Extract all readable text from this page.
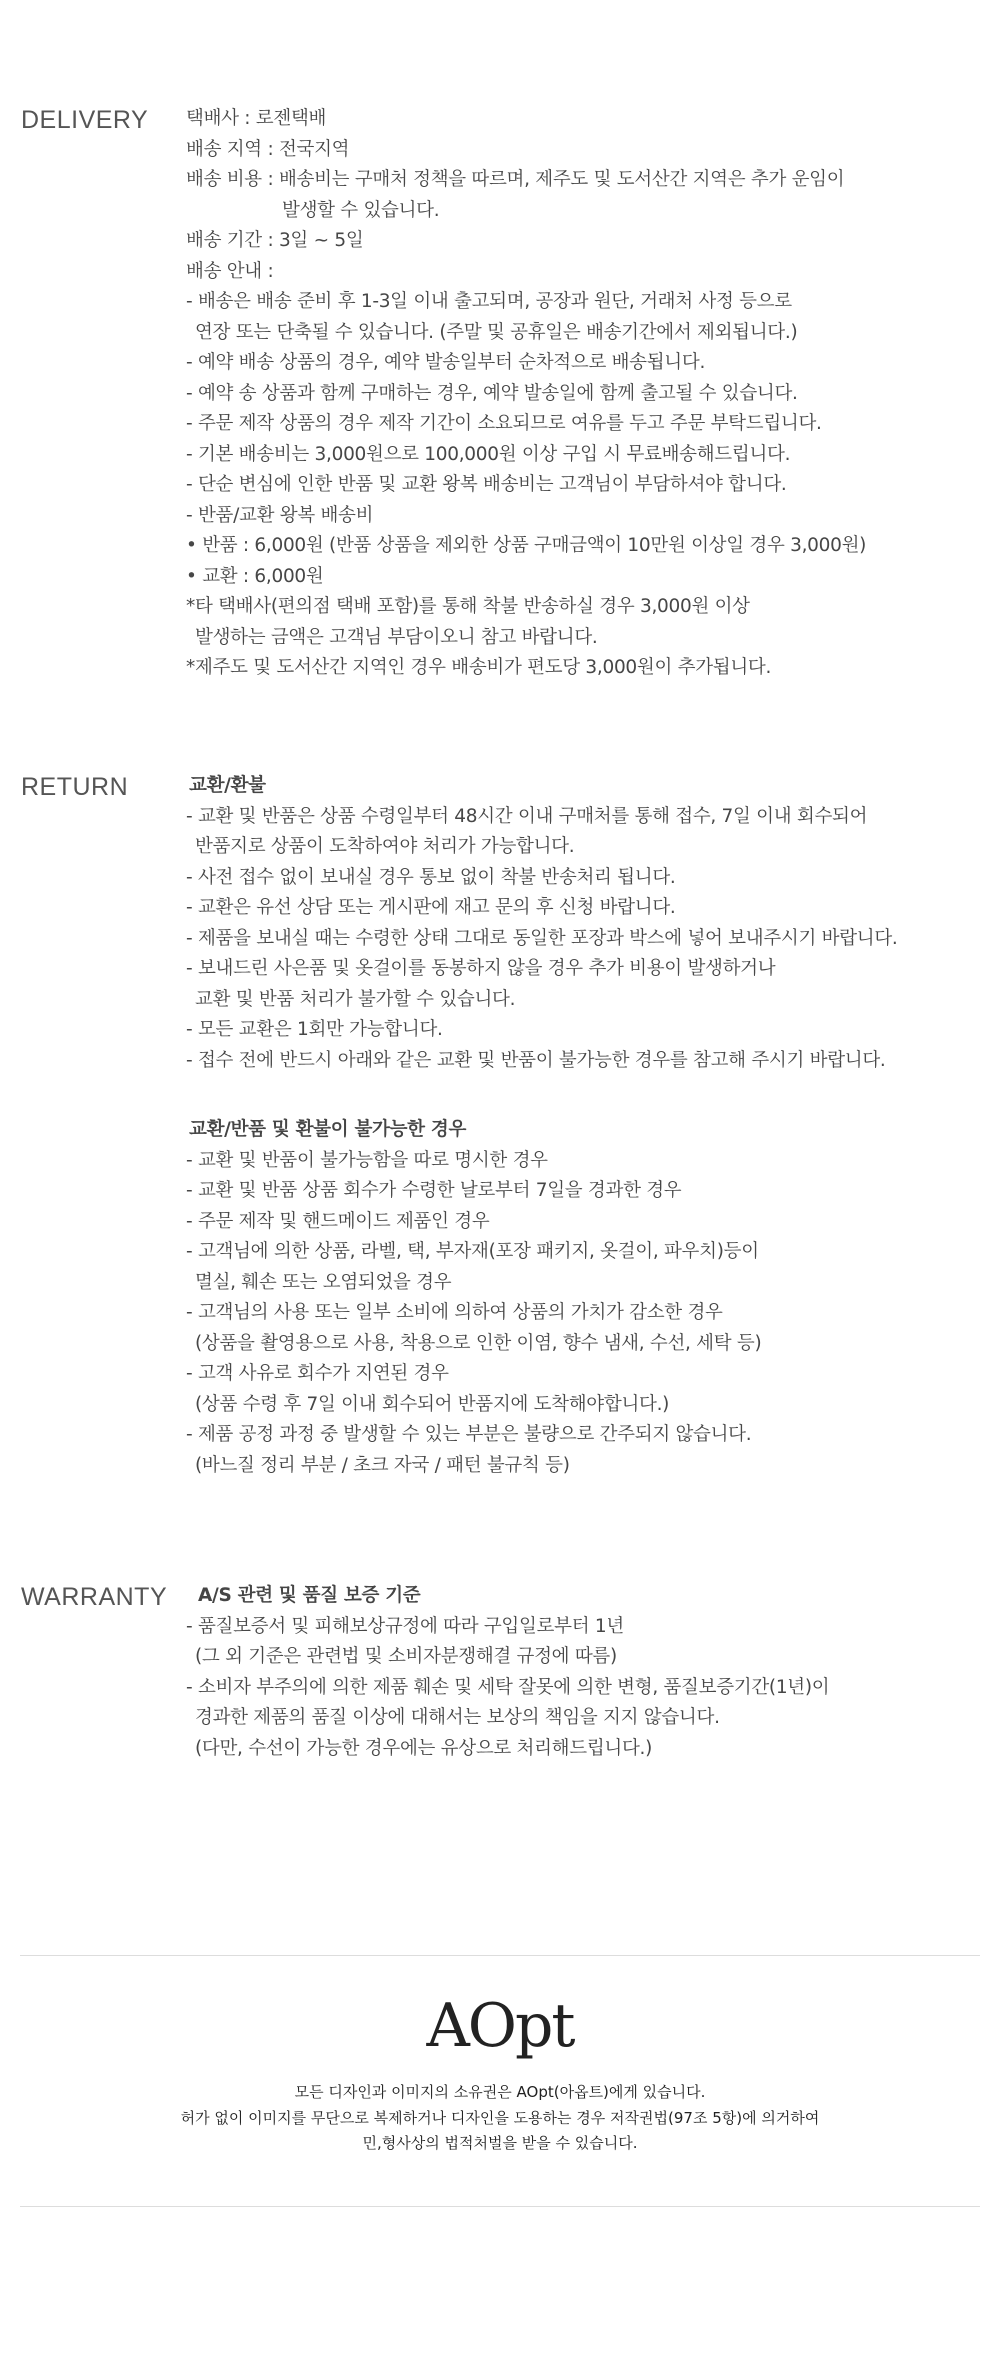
DELIVERY 택배사 : 로젠택배
배송 지역 : 전국지역
배송 비용 : 배송비는 구매처 정책을 따르며, 제주도 및 도서산간 지역은 추가 운임이
발생할 수 있습니다.
배송 기간 : 3일 ~ 5일
배송 안내 :
- 배송은 배송 준비 후 1-3일 이내 출고되며, 공장과 원단, 거래처 사정 등으로
연장 또는 단축될 수 있습니다. (주말 및 공휴일은 배송기간에서 제외됩니다.)
- 예약 배송 상품의 경우, 예약 발송일부터 순차적으로 배송됩니다.
- 예약 송 상품과 함께 구매하는 경우, 예약 발송일에 함께 출고될 수 있습니다.
- 주문 제작 상품의 경우 제작 기간이 소요되므로 여유를 두고 주문 부탁드립니다.
- 기본 배송비는 3,000원으로 100,000원 이상 구입 시 무료배송해드립니다.
- 단순 변심에 인한 반품 및 교환 왕복 배송비는 고객님이 부담하셔야 합니다.
- 반품/교환 왕복 배송비
• 반품 : 6,000원 (반품 상품을 제외한 상품 구매금액이 10만원 이상일 경우 3,000원)
• 교환 : 6,000원
*타 택배사(편의점 택배 포함)를 통해 착불 반송하실 경우 3,000원 이상
발생하는 금액은 고객님 부담이오니 참고 바랍니다.
*제주도 및 도서산간 지역인 경우 배송비가 편도당 3,000원이 추가됩니다.
RETURN	교환/환불
- 교환 및 반품은 상품 수령일부터 48시간 이내 구매처를 통해 접수, 7일 이내 회수되어
반품지로 상품이 도착하여야 처리가 가능합니다.
- 사전 접수 없이 보내실 경우 통보 없이 착불 반송처리 됩니다.
- 교환은 유선 상담 또는 게시판에 재고 문의 후 신청 바랍니다.
- 제품을 보내실 때는 수령한 상태 그대로 동일한 포장과 박스에 넣어 보내주시기 바랍니다.
- 보내드린 사은품 및 옷걸이를 동봉하지 않을 경우 추가 비용이 발생하거나
교환 및 반품 처리가 불가할 수 있습니다.
- 모든 교환은 1회만 가능합니다.
- 접수 전에 반드시 아래와 같은 교환 및 반품이 불가능한 경우를 참고해 주시기 바랍니다.
교환/반품 및 환불이 불가능한 경우
- 교환 및 반품이 불가능함을 따로 명시한 경우
- 교환 및 반품 상품 회수가 수령한 날로부터 7일을 경과한 경우
- 주문 제작 및 핸드메이드 제품인 경우
- 고객님에 의한 상품, 라벨, 택, 부자재(포장 패키지, 옷걸이, 파우치)등이
멸실, 훼손 또는 오염되었을 경우
- 고객님의 사용 또는 일부 소비에 의하여 상품의 가치가 감소한 경우
(상품을 촬영용으로 사용, 착용으로 인한 이염, 향수 냄새, 수선, 세탁 등)
- 고객 사유로 회수가 지연된 경우
(상품 수령 후 7일 이내 회수되어 반품지에 도착해야합니다.)
- 제품 공정 과정 중 발생할 수 있는 부분은 불량으로 간주되지 않습니다.
(바느질 정리 부분 / 초크 자국 / 패턴 불규칙 등)
WARRANTY	A/S 관련 및 품질 보증 기준
- 품질보증서 및 피해보상규정에 따라 구입일로부터 1년
(그 외 기준은 관련법 및 소비자분쟁해결 규정에 따름)
- 소비자 부주의에 의한 제품 훼손 및 세탁 잘못에 의한 변형, 품질보증기간(1년)이
경과한 제품의 품질 이상에 대해서는 보상의 책임을 지지 않습니다.
(다만, 수선이 가능한 경우에는 유상으로 처리해드립니다.)
AOpt
모든 디자인과 이미지의 소유권은 AOpt(아옵트)에게 있습니다.
허가 없이 이미지를 무단으로 복제하거나 디자인을 도용하는 경우 저작권법(97조 5항)에 의거하여
민,형사상의 법적처벌을 받을 수 있습니다.
